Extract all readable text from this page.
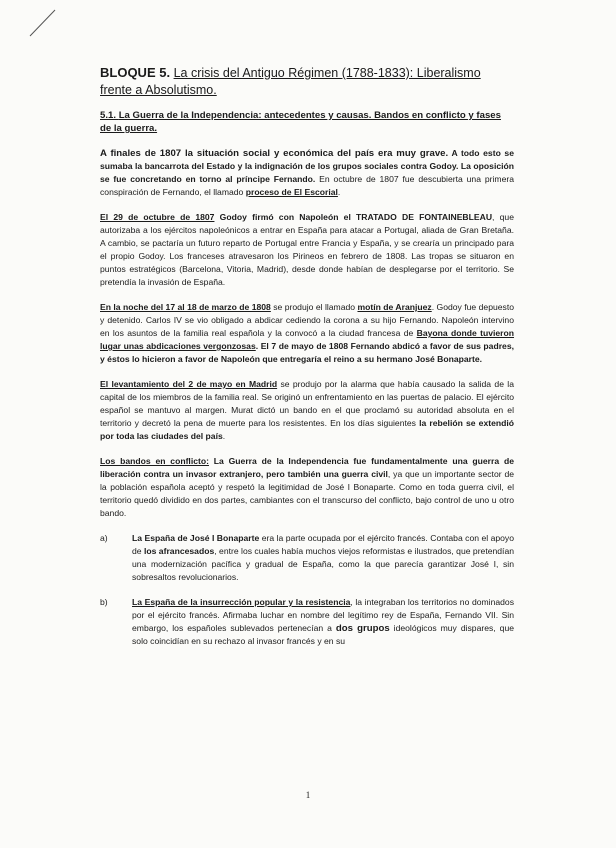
BLOQUE 5. La crisis del Antiguo Régimen (1788-1833): Liberalismo frente a Absolutismo.
5.1. La Guerra de la Independencia: antecedentes y causas. Bandos en conflicto y fases de la guerra.

A finales de 1807 la situación social y económica del país era muy grave. A todo esto se sumaba la bancarrota del Estado y la indignación de los grupos sociales contra Godoy. La oposición se fue concretando en torno al príncipe Fernando. En octubre de 1807 fue descubierta una primera conspiración de Fernando, el llamado proceso de El Escorial.

El 29 de octubre de 1807 Godoy firmó con Napoleón el TRATADO DE FONTAINEBLEAU, que autorizaba a los ejércitos napoleónicos a entrar en España para atacar a Portugal, aliada de Gran Bretaña. A cambio, se pactaría un futuro reparto de Portugal entre Francia y España, y se crearía un principado para el propio Godoy. Los franceses atravesaron los Pirineos en febrero de 1808. Las tropas se situaron en puntos estratégicos (Barcelona, Vitoria, Madrid), desde donde habían de desplegarse por el territorio. Se pretendía la invasión de España.

En la noche del 17 al 18 de marzo de 1808 se produjo el llamado motín de Aranjuez. Godoy fue depuesto y detenido. Carlos IV se vio obligado a abdicar cediendo la corona a su hijo Fernando. Napoleón intervino en los asuntos de la familia real española y la convocó a la ciudad francesa de Bayona donde tuvieron lugar unas abdicaciones vergonzosas. El 7 de mayo de 1808 Fernando abdicó a favor de sus padres, y éstos lo hicieron a favor de Napoleón que entregaría el reino a su hermano José Bonaparte.

El levantamiento del 2 de mayo en Madrid se produjo por la alarma que había causado la salida de la capital de los miembros de la familia real. Se originó un enfrentamiento en las puertas de palacio. El ejército español se mantuvo al margen. Murat dictó un bando en el que proclamó su autoridad absoluta en el territorio y decretó la pena de muerte para los resistentes. En los días siguientes la rebelión se extendió por toda las ciudades del país.

Los bandos en conflicto: La Guerra de la Independencia fue fundamentalmente una guerra de liberación contra un invasor extranjero, pero también una guerra civil, ya que un importante sector de la población española aceptó y respetó la legitimidad de José I Bonaparte. Como en toda guerra civil, el territorio quedó dividido en dos partes, cambiantes con el transcurso del conflicto, bajo control de uno u otro bando.

a)	La España de José I Bonaparte era la parte ocupada por el ejército francés. Contaba con el apoyo de los afrancesados, entre los cuales había muchos viejos reformistas e ilustrados, que pretendían una modernización pacífica y gradual de España, como la que parecía garantizar José I, sin sobresaltos revolucionarios.
b)	La España de la insurrección popular y la resistencia, la integraban los territorios no dominados por el ejército francés. Afirmaba luchar en nombre del legítimo rey de España, Fernando VII. Sin embargo, los españoles sublevados pertenecían a dos grupos ideológicos muy dispares, que solo coincidían en su rechazo al invasor francés y en su
1
